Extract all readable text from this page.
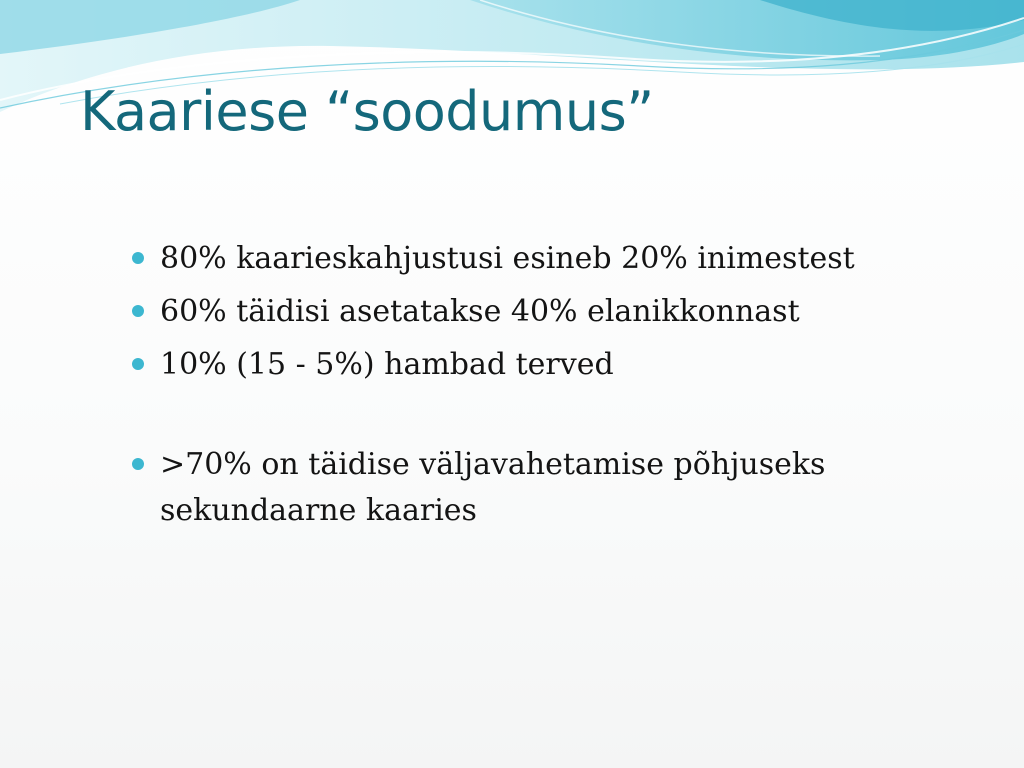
Kaariese “soodumus”
80% kaarieskahjustusi esineb 20% inimestest
60% täidisi asetatakse 40% elanikkonnast
10% (15 - 5%) hambad terved
>70% on täidise väljavahetamise põhjuseks sekundaarne kaaries
